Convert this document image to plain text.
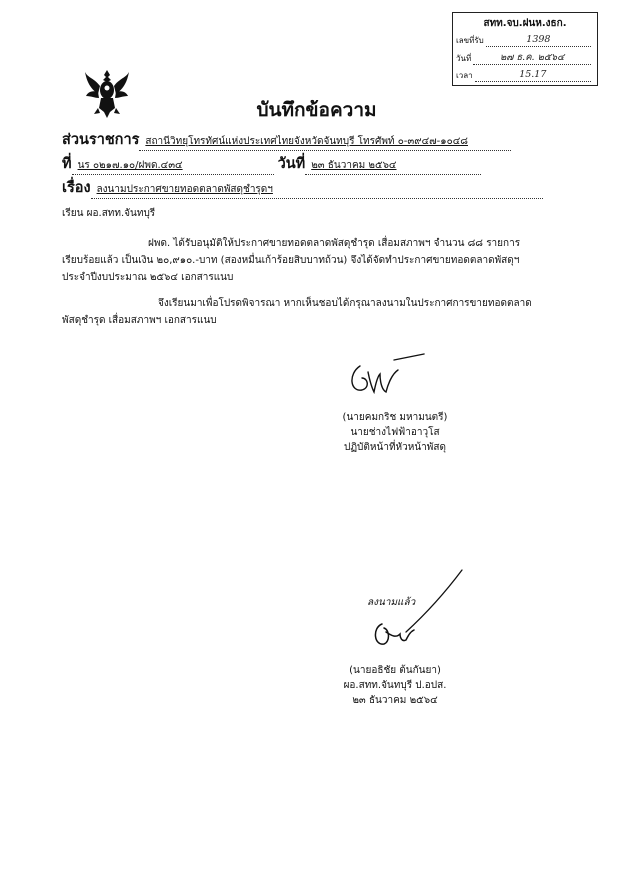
สทท.จบ.ฝนห.งธก.
เลขที่รับ	1398
วันที่	๒๗ ธ.ค. ๒๕๖๔
เวลา	15.17
บันทึกข้อความ
ส่วนราชการ สถานีวิทยุโทรทัศน์แห่งประเทศไทยจังหวัดจันทบุรี โทรศัพท์ ๐-๓๙๔๗-๑๐๔๘
ที่ นร ๐๒๑๗.๑๐/ฝพด.๔๓๔	วันที่ ๒๓ ธันวาคม ๒๕๖๔
เรื่อง ลงนามประกาศขายทอดตลาดพัสดุชำรุดฯ
เรียน ผอ.สทท.จันทบุรี
ฝพด. ได้รับอนุมัติให้ประกาศขายทอดตลาดพัสดุชำรุด เสื่อมสภาพฯ จำนวน ๘๘ รายการ
เรียบร้อยแล้ว เป็นเงิน ๒๐,๙๑๐.-บาท (สองหมื่นเก้าร้อยสิบบาทถ้วน) จึงได้จัดทำประกาศขายทอดตลาดพัสดุฯ
ประจำปีงบประมาณ ๒๕๖๔ เอกสารแนบ
จึงเรียนมาเพื่อโปรดพิจารณา หากเห็นชอบได้กรุณาลงนามในประกาศการขายทอดตลาด
พัสดุชำรุด เสื่อมสภาพฯ เอกสารแนบ
(นายคมกริช มหามนตรี)
นายช่างไฟฟ้าอาวุโส
ปฏิบัติหน้าที่หัวหน้าพัสดุ
ลงนามแล้ว
(นายอธิชัย ต้นกันยา)
ผอ.สทท.จันทบุรี ป.อปส.
๒๓ ธันวาคม ๒๕๖๔
